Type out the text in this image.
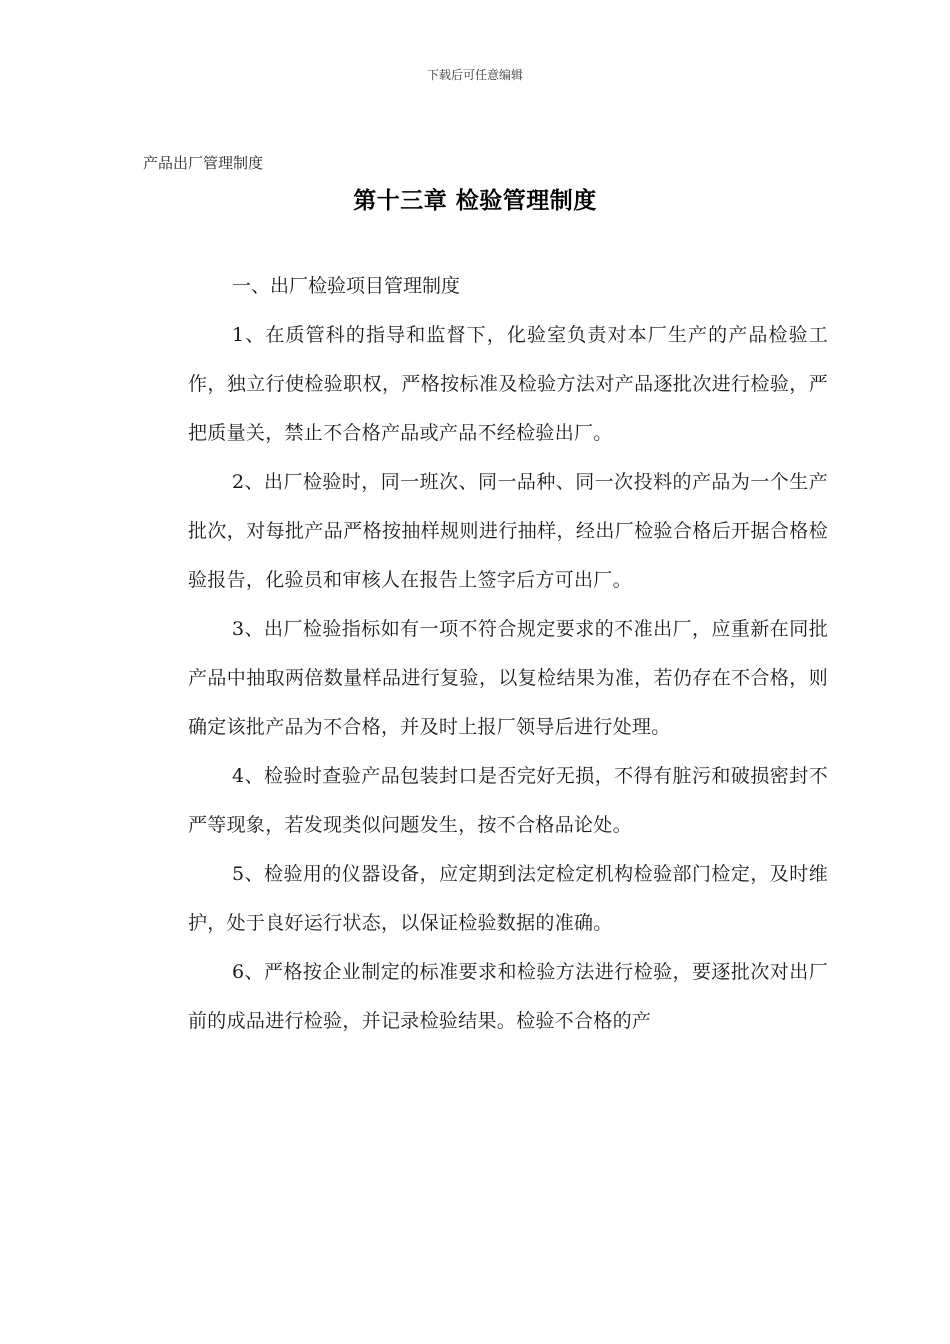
下载后可任意编辑
产品出厂管理制度
第十三章 检验管理制度

一、出厂检验项目管理制度

1、在质管科的指导和监督下，化验室负责对本厂生产的产品检验工作，独立行使检验职权，严格按标准及检验方法对产品逐批次进行检验，严把质量关，禁止不合格产品或产品不经检验出厂。

2、出厂检验时，同一班次、同一品种、同一次投料的产品为一个生产批次，对每批产品严格按抽样规则进行抽样，经出厂检验合格后开据合格检验报告，化验员和审核人在报告上签字后方可出厂。

3、出厂检验指标如有一项不符合规定要求的不准出厂，应重新在同批产品中抽取两倍数量样品进行复验，以复检结果为准，若仍存在不合格，则确定该批产品为不合格，并及时上报厂领导后进行处理。

4、检验时查验产品包装封口是否完好无损，不得有脏污和破损密封不严等现象，若发现类似问题发生，按不合格品论处。

5、检验用的仪器设备，应定期到法定检定机构检验部门检定，及时维护，处于良好运行状态，以保证检验数据的准确。

6、严格按企业制定的标准要求和检验方法进行检验，要逐批次对出厂前的成品进行检验，并记录检验结果。检验不合格的产
